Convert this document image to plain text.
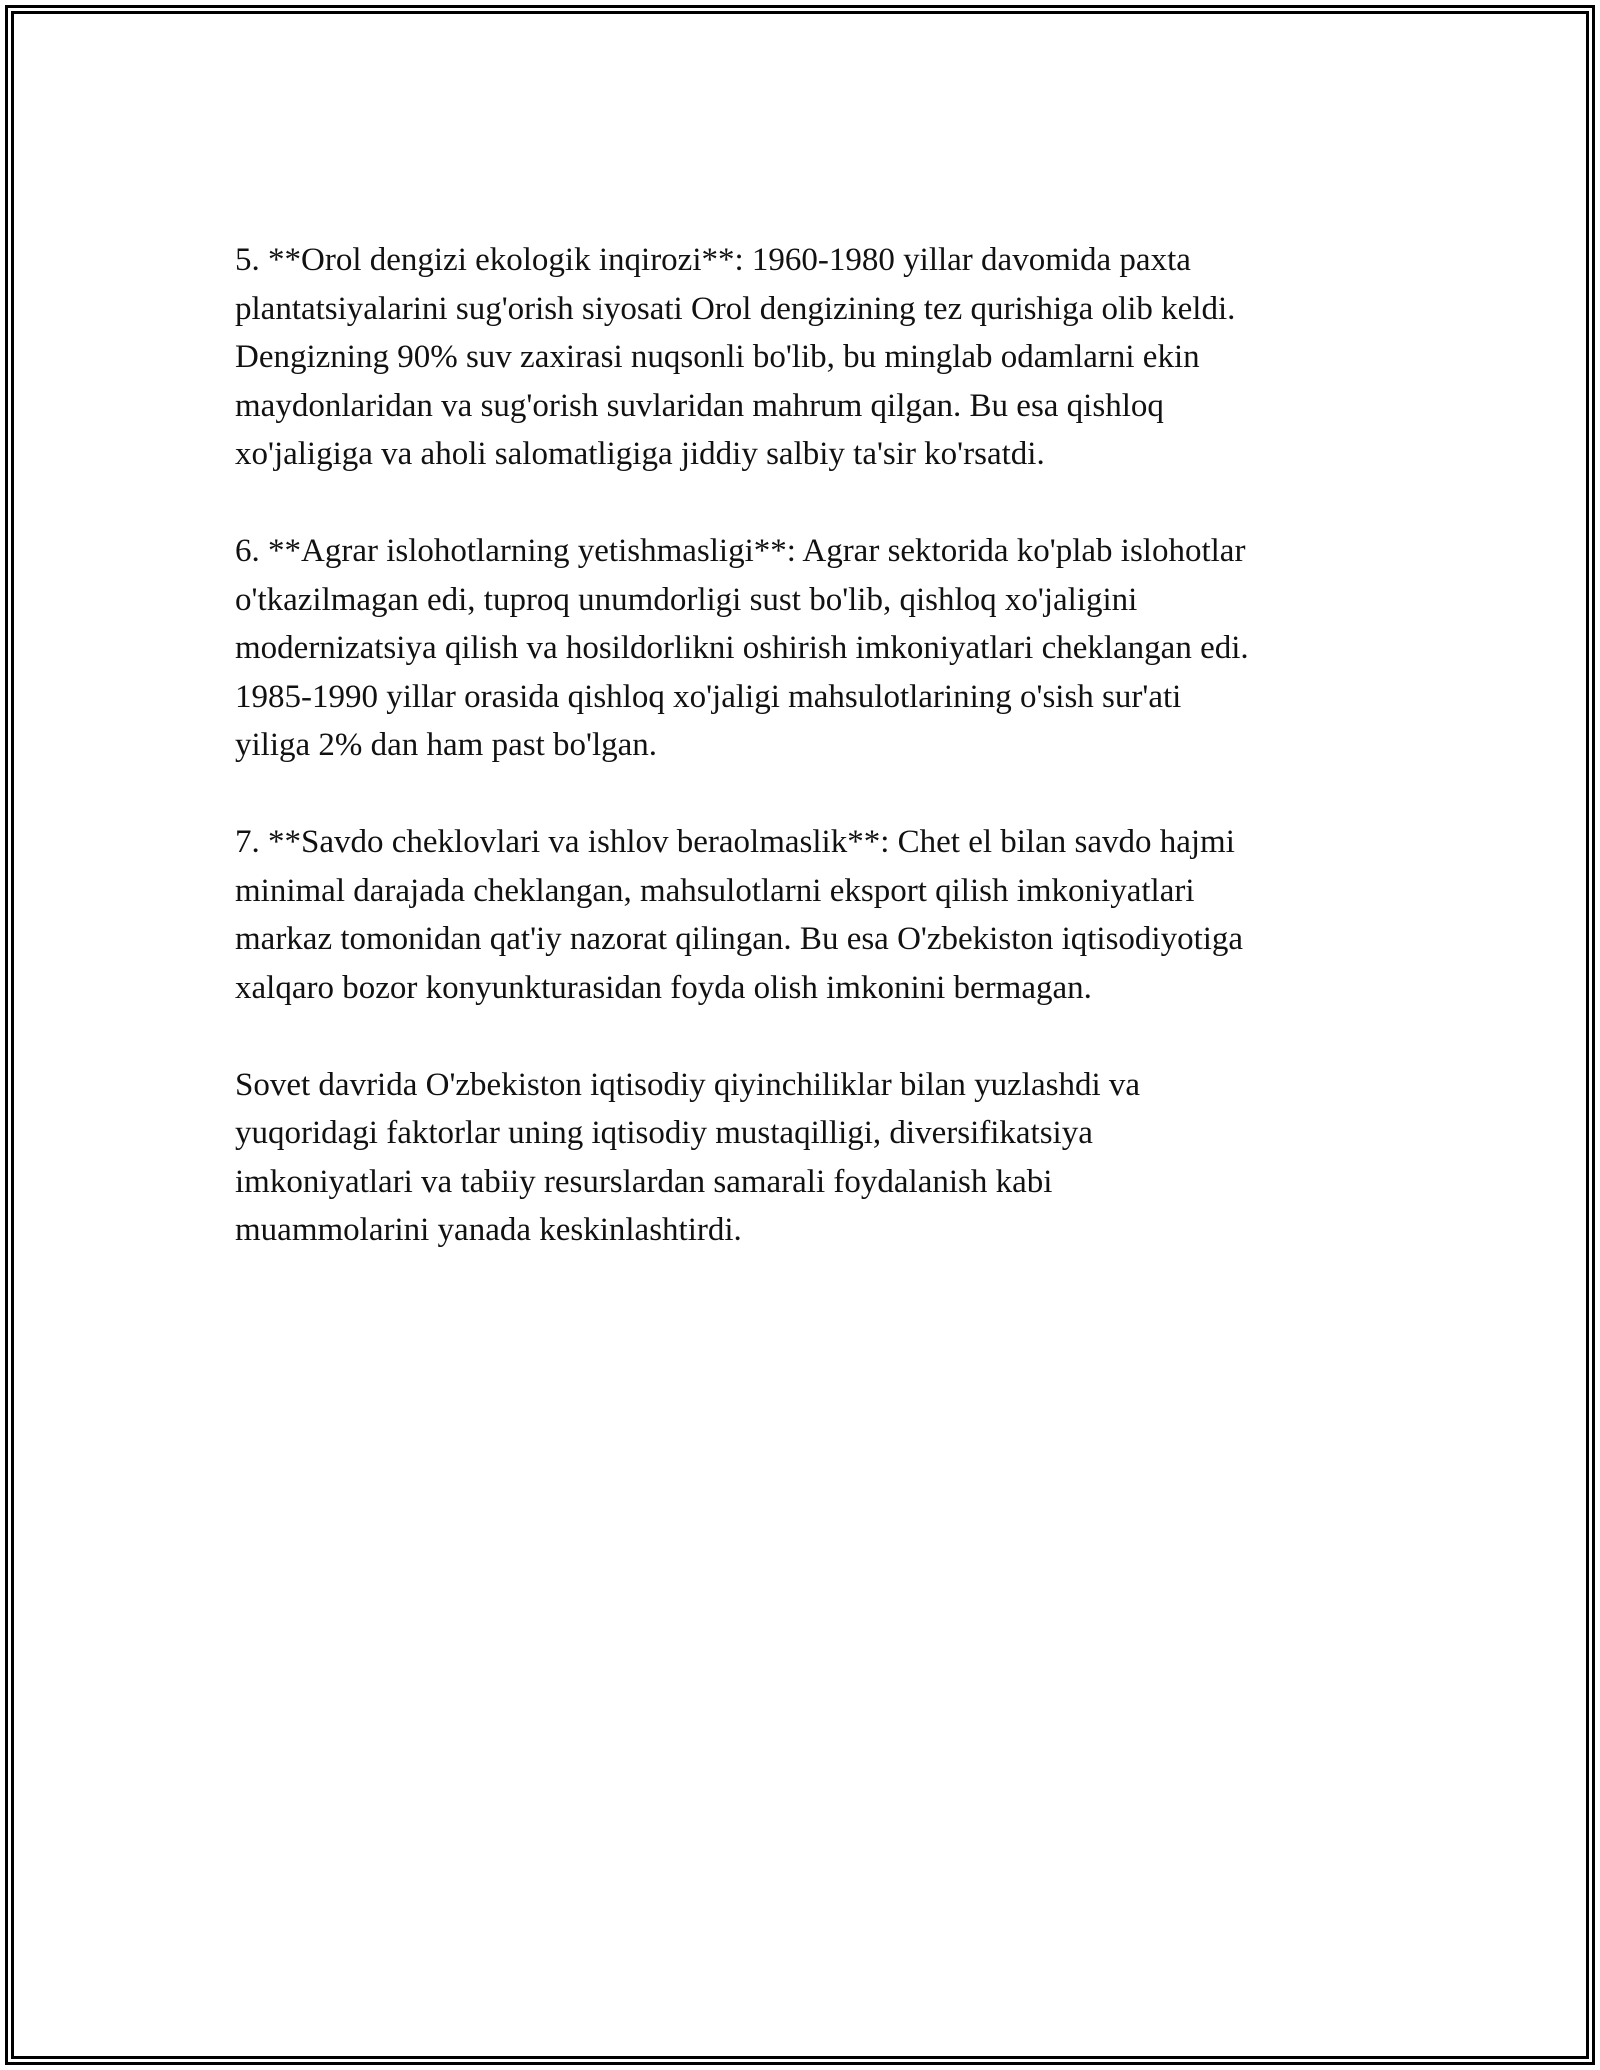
5. **Orol dengizi ekologik inqirozi**: 1960-1980 yillar davomida paxta
plantatsiyalarini sug'orish siyosati Orol dengizining tez qurishiga olib keldi.
Dengizning 90% suv zaxirasi nuqsonli bo'lib, bu minglab odamlarni ekin
maydonlaridan va sug'orish suvlaridan mahrum qilgan. Bu esa qishloq
xo'jaligiga va aholi salomatligiga jiddiy salbiy ta'sir ko'rsatdi.

6. **Agrar islohotlarning yetishmasligi**: Agrar sektorida ko'plab islohotlar
o'tkazilmagan edi, tuproq unumdorligi sust bo'lib, qishloq xo'jaligini
modernizatsiya qilish va hosildorlikni oshirish imkoniyatlari cheklangan edi.
1985-1990 yillar orasida qishloq xo'jaligi mahsulotlarining o'sish sur'ati
yiliga 2% dan ham past bo'lgan.

7. **Savdo cheklovlari va ishlov beraolmaslik**: Chet el bilan savdo hajmi
minimal darajada cheklangan, mahsulotlarni eksport qilish imkoniyatlari
markaz tomonidan qat'iy nazorat qilingan. Bu esa O'zbekiston iqtisodiyotiga
xalqaro bozor konyunkturasidan foyda olish imkonini bermagan.

Sovet davrida O'zbekiston iqtisodiy qiyinchiliklar bilan yuzlashdi va
yuqoridagi faktorlar uning iqtisodiy mustaqilligi, diversifikatsiya
imkoniyatlari va tabiiy resurslardan samarali foydalanish kabi
muammolarini yanada keskinlashtirdi.
